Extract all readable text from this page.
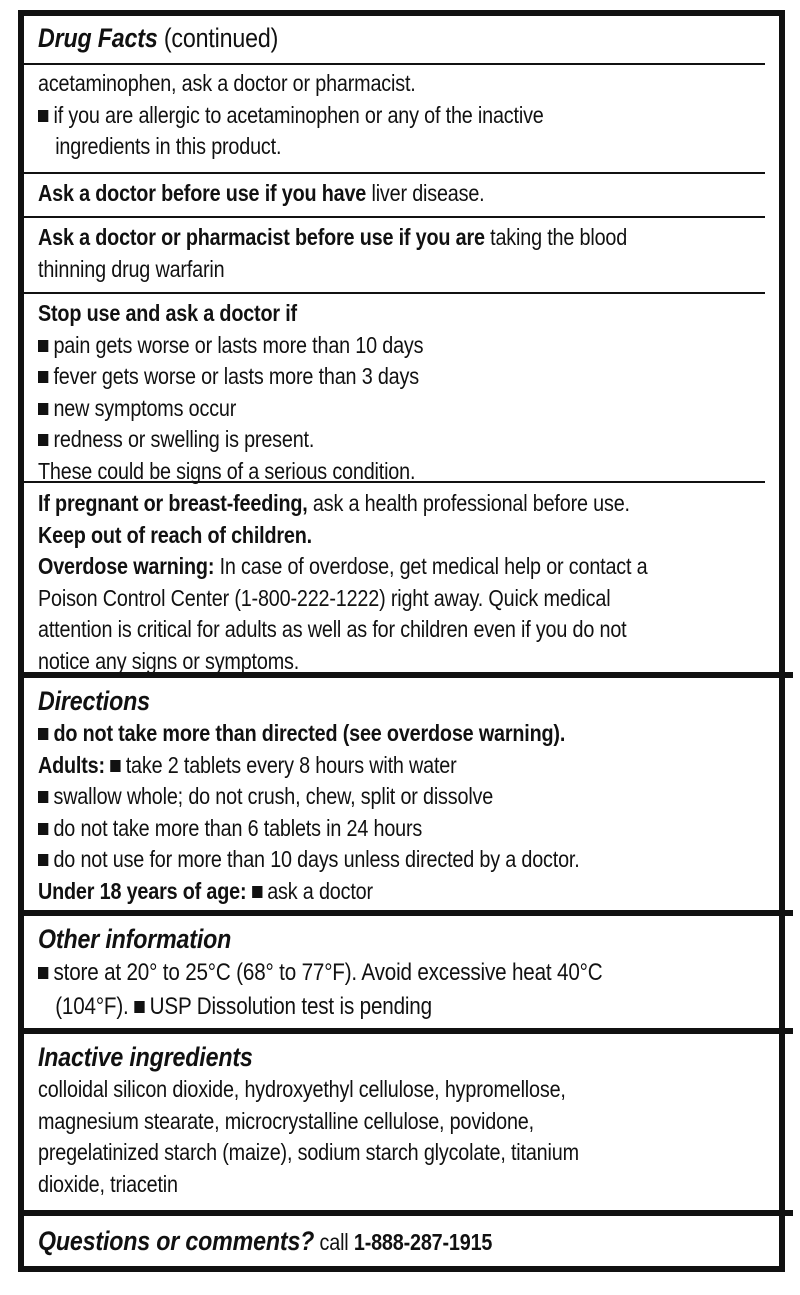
Drug Facts (continued)
acetaminophen, ask a doctor or pharmacist.
if you are allergic to acetaminophen or any of the inactive
ingredients in this product.
Ask a doctor before use if you have liver disease.
Ask a doctor or pharmacist before use if you are taking the blood
thinning drug warfarin
Stop use and ask a doctor if
pain gets worse or lasts more than 10 days
fever gets worse or lasts more than 3 days
new symptoms occur
redness or swelling is present.
These could be signs of a serious condition.
If pregnant or breast-feeding, ask a health professional before use.
Keep out of reach of children.
Overdose warning: In case of overdose, get medical help or contact a
Poison Control Center (1-800-222-1222) right away. Quick medical
attention is critical for adults as well as for children even if you do not
notice any signs or symptoms.
Directions
do not take more than directed (see overdose warning).
Adults: take 2 tablets every 8 hours with water
swallow whole; do not crush, chew, split or dissolve
do not take more than 6 tablets in 24 hours
do not use for more than 10 days unless directed by a doctor.
Under 18 years of age: ask a doctor
Other information
store at 20° to 25°C (68° to 77°F). Avoid excessive heat 40°C
(104°F). USP Dissolution test is pending
Inactive ingredients
colloidal silicon dioxide, hydroxyethyl cellulose, hypromellose,
magnesium stearate, microcrystalline cellulose, povidone,
pregelatinized starch (maize), sodium starch glycolate, titanium
dioxide, triacetin
Questions or comments? call 1-888-287-1915
